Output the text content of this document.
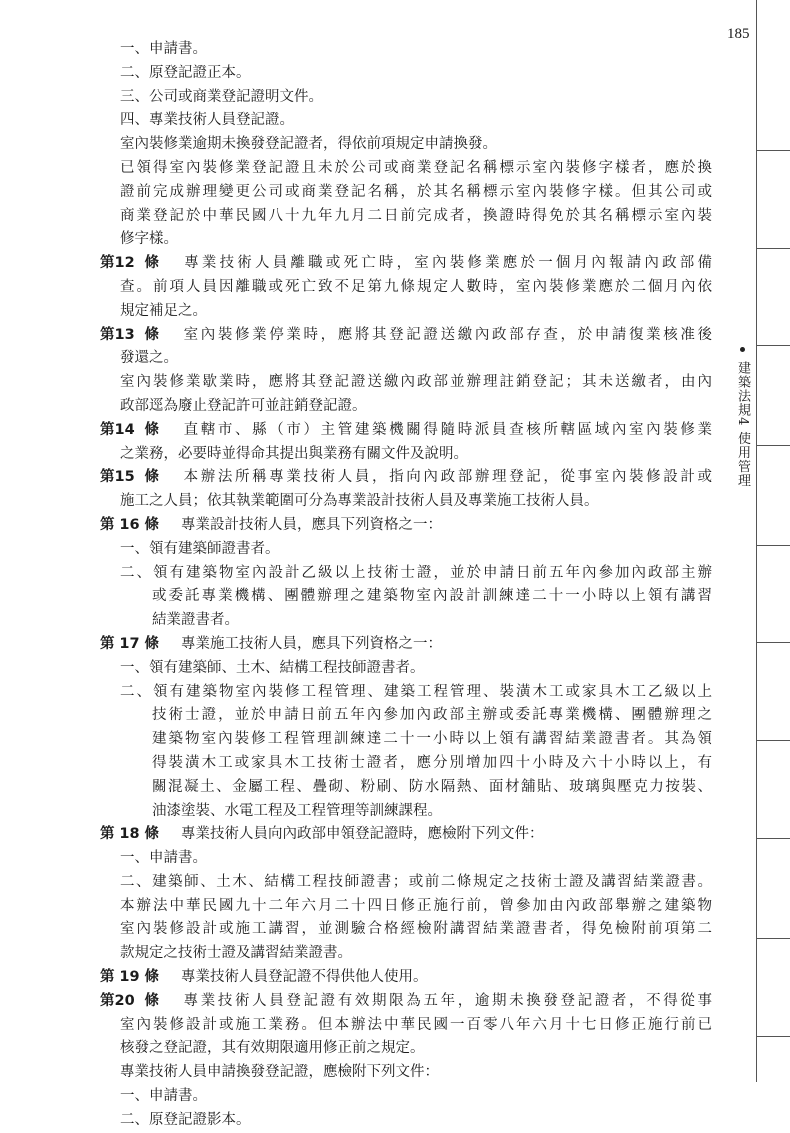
185
建築法規4 使用管理
一、申請書。
二、原登記證正本。
三、公司或商業登記證明文件。
四、專業技術人員登記證。
室內裝修業逾期未換發登記證者，得依前項規定申請換發。
已領得室內裝修業登記證且未於公司或商業登記名稱標示室內裝修字樣者，應於換
證前完成辦理變更公司或商業登記名稱，於其名稱標示室內裝修字樣。但其公司或
商業登記於中華民國八十九年九月二日前完成者，換證時得免於其名稱標示室內裝
修字樣。
第12 條 專業技術人員離職或死亡時，室內裝修業應於一個月內報請內政部備
查。前項人員因離職或死亡致不足第九條規定人數時，室內裝修業應於二個月內依
規定補足之。
第13 條 室內裝修業停業時，應將其登記證送繳內政部存查，於申請復業核准後
發還之。
室內裝修業歇業時，應將其登記證送繳內政部並辦理註銷登記；其未送繳者，由內
政部逕為廢止登記許可並註銷登記證。
第14 條 直轄市、縣（市）主管建築機關得隨時派員查核所轄區域內室內裝修業
之業務，必要時並得命其提出與業務有關文件及說明。
第15 條 本辦法所稱專業技術人員，指向內政部辦理登記，從事室內裝修設計或
施工之人員；依其執業範圍可分為專業設計技術人員及專業施工技術人員。
第 16 條 專業設計技術人員，應具下列資格之一：
一、領有建築師證書者。
二、領有建築物室內設計乙級以上技術士證，並於申請日前五年內參加內政部主辦
或委託專業機構、團體辦理之建築物室內設計訓練達二十一小時以上領有講習
結業證書者。
第 17 條 專業施工技術人員，應具下列資格之一：
一、領有建築師、土木、結構工程技師證書者。
二、領有建築物室內裝修工程管理、建築工程管理、裝潢木工或家具木工乙級以上
技術士證，並於申請日前五年內參加內政部主辦或委託專業機構、團體辦理之
建築物室內裝修工程管理訓練達二十一小時以上領有講習結業證書者。其為領
得裝潢木工或家具木工技術士證者，應分別增加四十小時及六十小時以上，有
關混凝土、金屬工程、疊砌、粉刷、防水隔熱、面材舖貼、玻璃與壓克力按裝、
油漆塗裝、水電工程及工程管理等訓練課程。
第 18 條 專業技術人員向內政部申領登記證時，應檢附下列文件：
一、申請書。
二、建築師、土木、結構工程技師證書；或前二條規定之技術士證及講習結業證書。
本辦法中華民國九十二年六月二十四日修正施行前，曾參加由內政部舉辦之建築物
室內裝修設計或施工講習，並測驗合格經檢附講習結業證書者，得免檢附前項第二
款規定之技術士證及講習結業證書。
第 19 條 專業技術人員登記證不得供他人使用。
第20 條 專業技術人員登記證有效期限為五年，逾期未換發登記證者，不得從事
室內裝修設計或施工業務。但本辦法中華民國一百零八年六月十七日修正施行前已
核發之登記證，其有效期限適用修正前之規定。
專業技術人員申請換發登記證，應檢附下列文件：
一、申請書。
二、原登記證影本。
